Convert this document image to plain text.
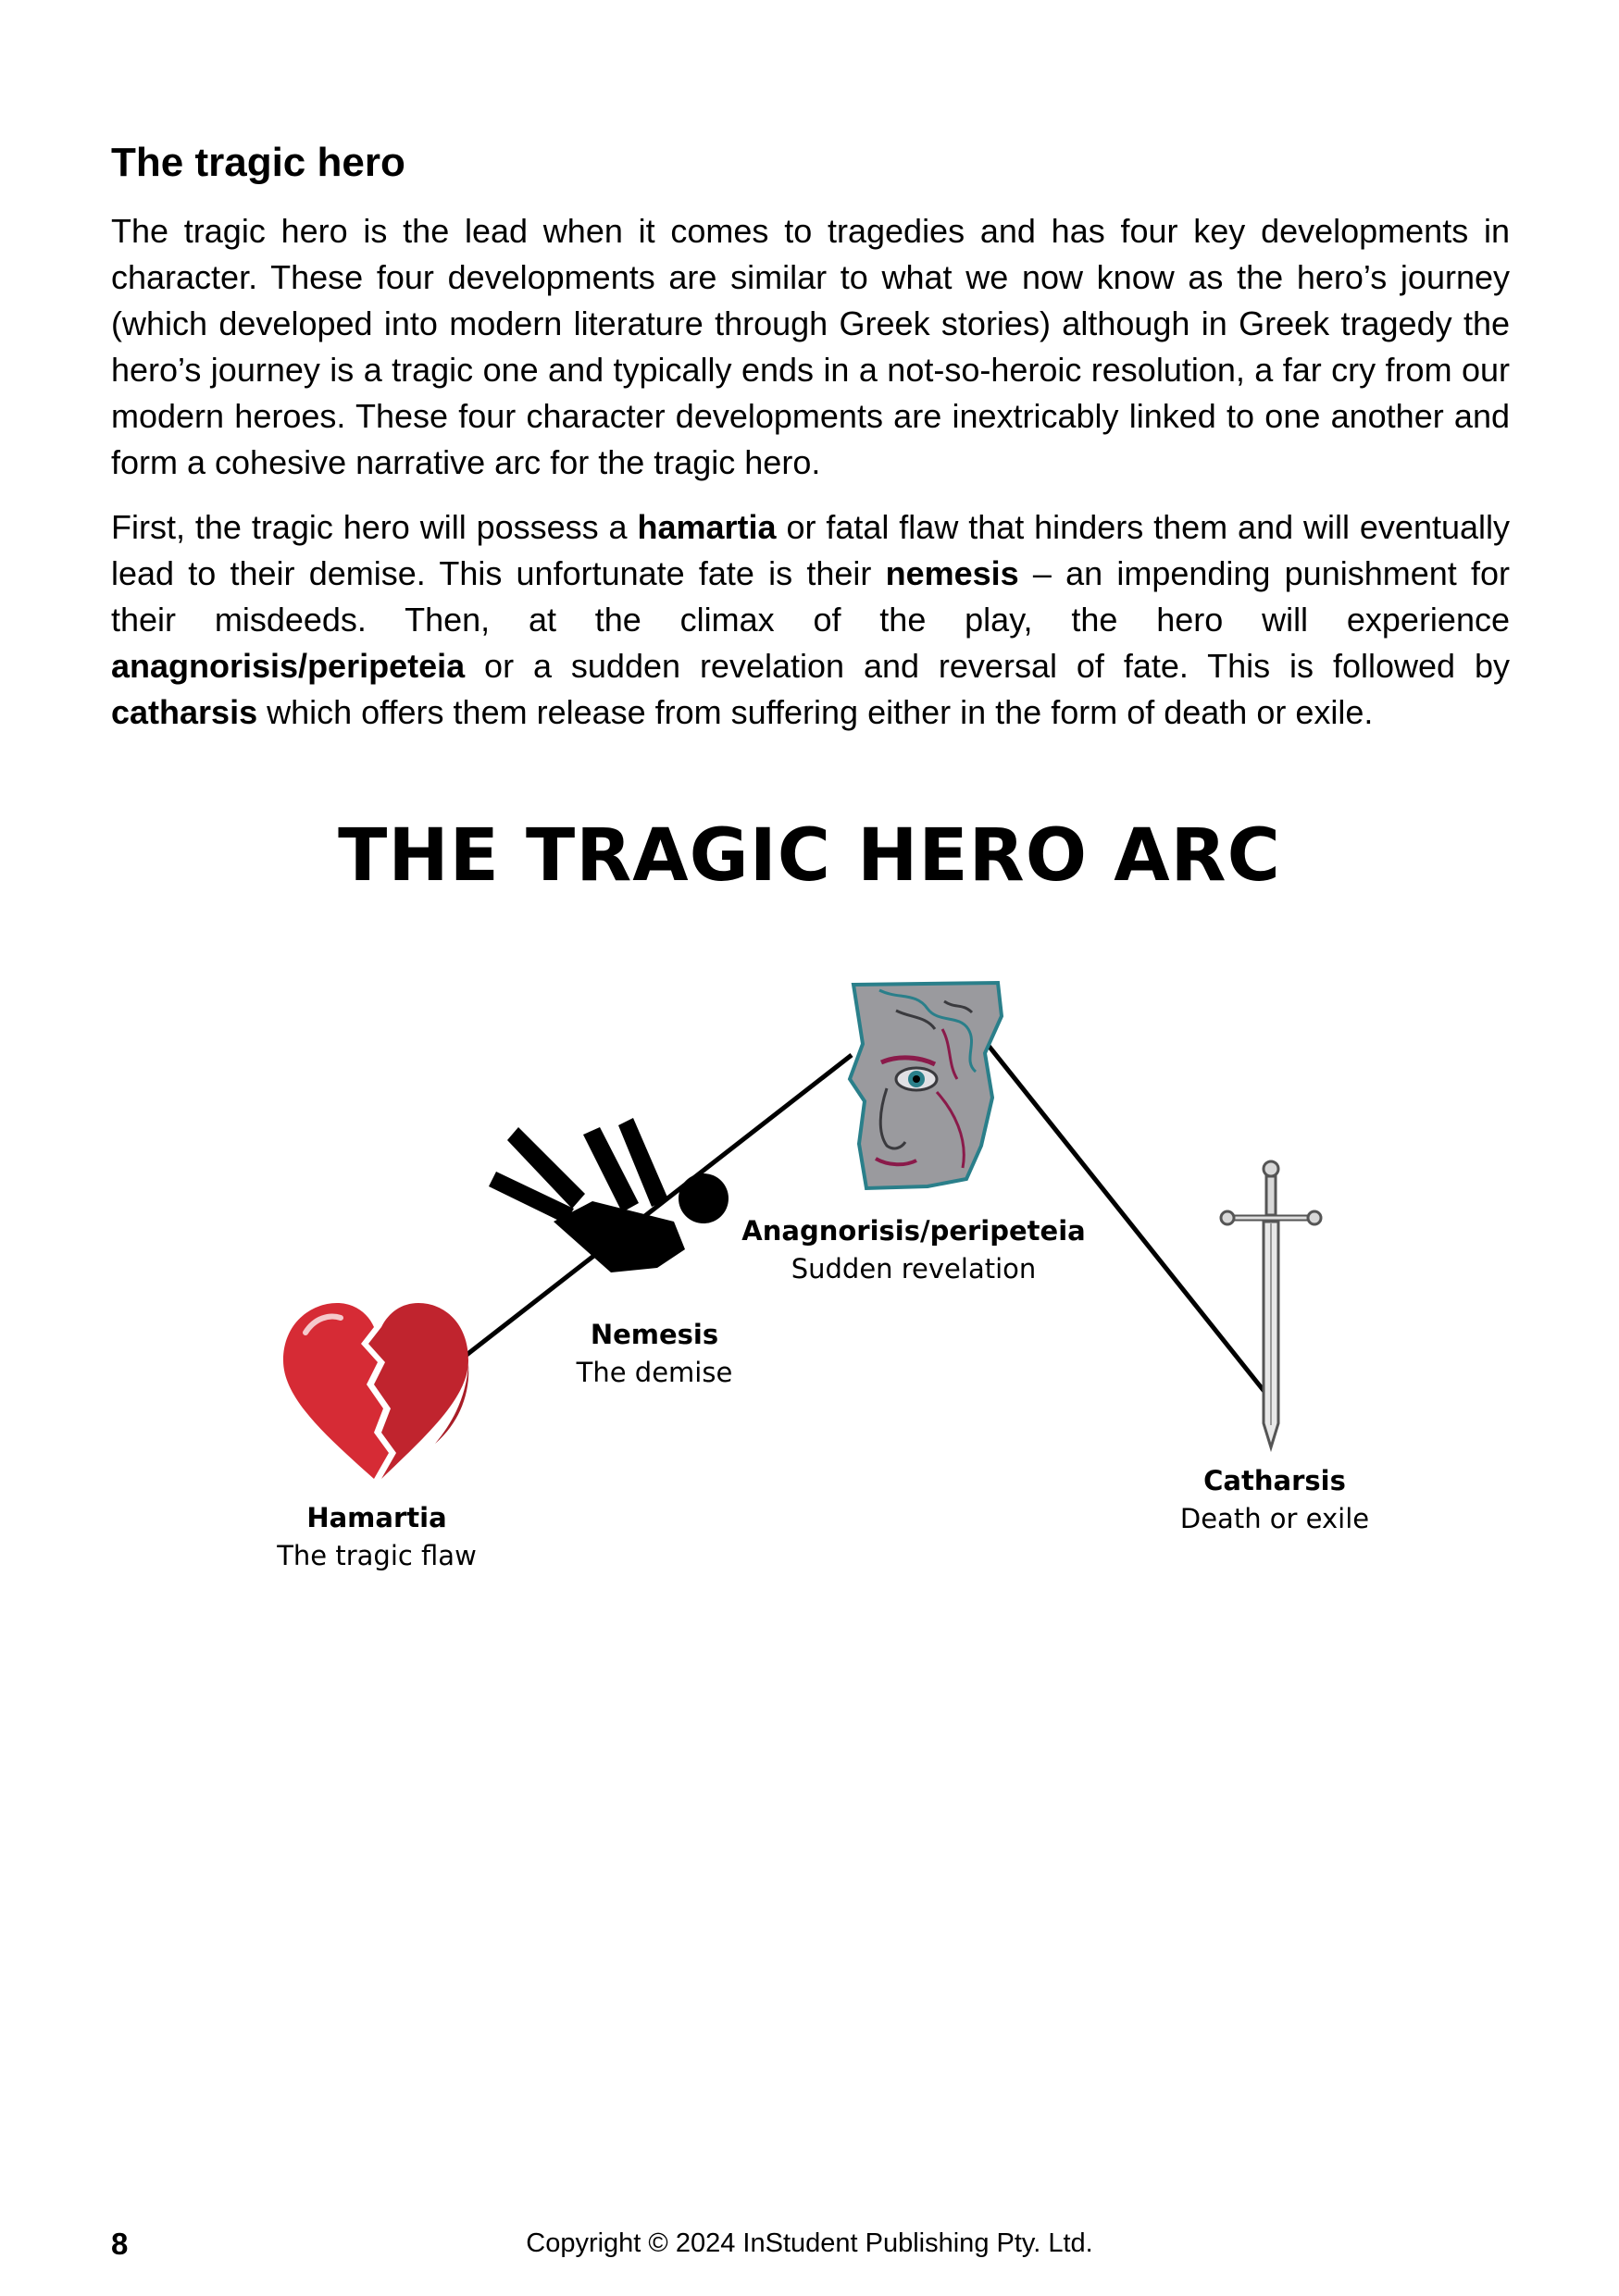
The tragic hero

The tragic hero is the lead when it comes to tragedies and has four key developments in character. These four developments are similar to what we now know as the hero’s journey (which developed into modern literature through Greek stories) although in Greek tragedy the hero’s journey is a tragic one and typically ends in a not-so-heroic resolution, a far cry from our modern heroes. These four character developments are inextricably linked to one another and form a cohesive narrative arc for the tragic hero.

First, the tragic hero will possess a hamartia or fatal flaw that hinders them and will eventually lead to their demise. This unfortunate fate is their nemesis – an impending punishment for their misdeeds. Then, at the climax of the play, the hero will experience anagnorisis/peripeteia or a sudden revelation and reversal of fate. This is followed by catharsis which offers them release from suffering either in the form of death or exile.

THE TRAGIC HERO ARC
Hamartia
The tragic flaw
Nemesis
The demise
Anagnorisis/peripeteia
Sudden revelation
Catharsis
Death or exile
8	Copyright © 2024 InStudent Publishing Pty. Ltd.
